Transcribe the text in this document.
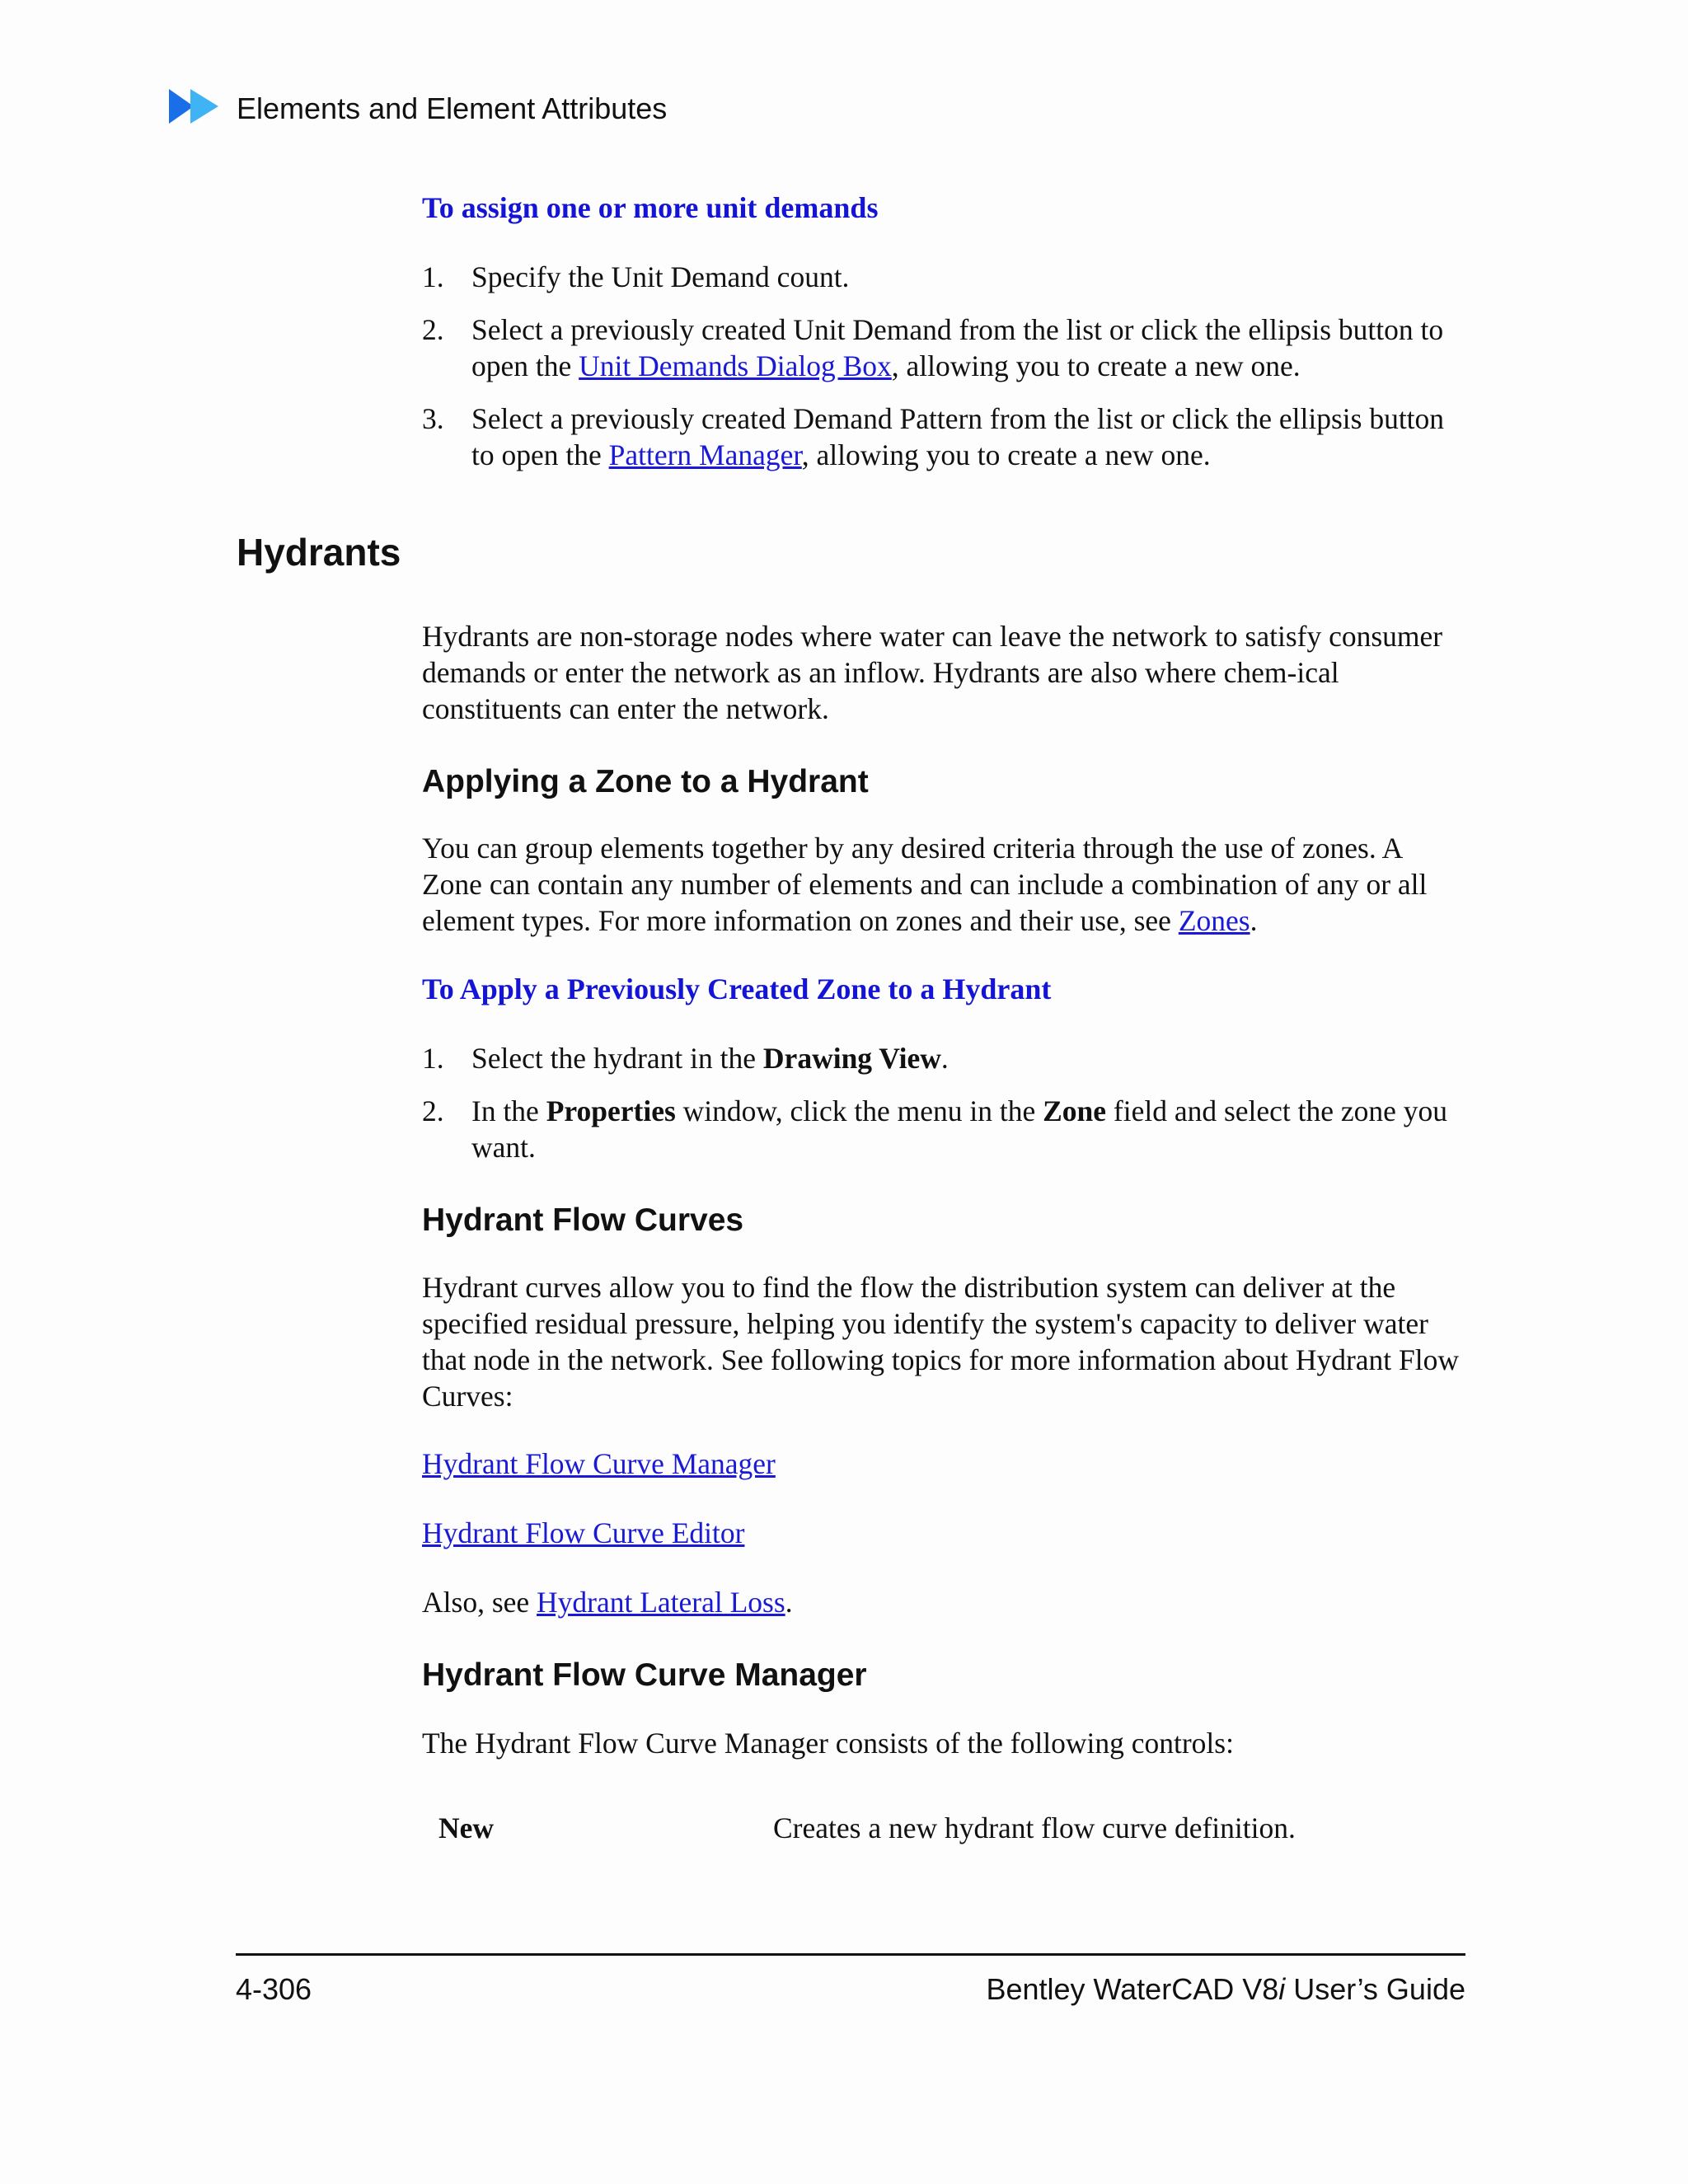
Elements and Element Attributes
To assign one or more unit demands
1. Specify the Unit Demand count.
2. Select a previously created Unit Demand from the list or click the ellipsis button to open the Unit Demands Dialog Box, allowing you to create a new one.
3. Select a previously created Demand Pattern from the list or click the ellipsis button to open the Pattern Manager, allowing you to create a new one.
Hydrants
Hydrants are non-storage nodes where water can leave the network to satisfy consumer demands or enter the network as an inflow. Hydrants are also where chem-ical constituents can enter the network.
Applying a Zone to a Hydrant
You can group elements together by any desired criteria through the use of zones. A Zone can contain any number of elements and can include a combination of any or all element types. For more information on zones and their use, see Zones.
To Apply a Previously Created Zone to a Hydrant
1. Select the hydrant in the Drawing View.
2. In the Properties window, click the menu in the Zone field and select the zone you want.
Hydrant Flow Curves
Hydrant curves allow you to find the flow the distribution system can deliver at the specified residual pressure, helping you identify the system's capacity to deliver water that node in the network. See following topics for more information about Hydrant Flow Curves:
Hydrant Flow Curve Manager
Hydrant Flow Curve Editor
Also, see Hydrant Lateral Loss.
Hydrant Flow Curve Manager
The Hydrant Flow Curve Manager consists of the following controls:
New	Creates a new hydrant flow curve definition.
4-306	Bentley WaterCAD V8i User’s Guide
